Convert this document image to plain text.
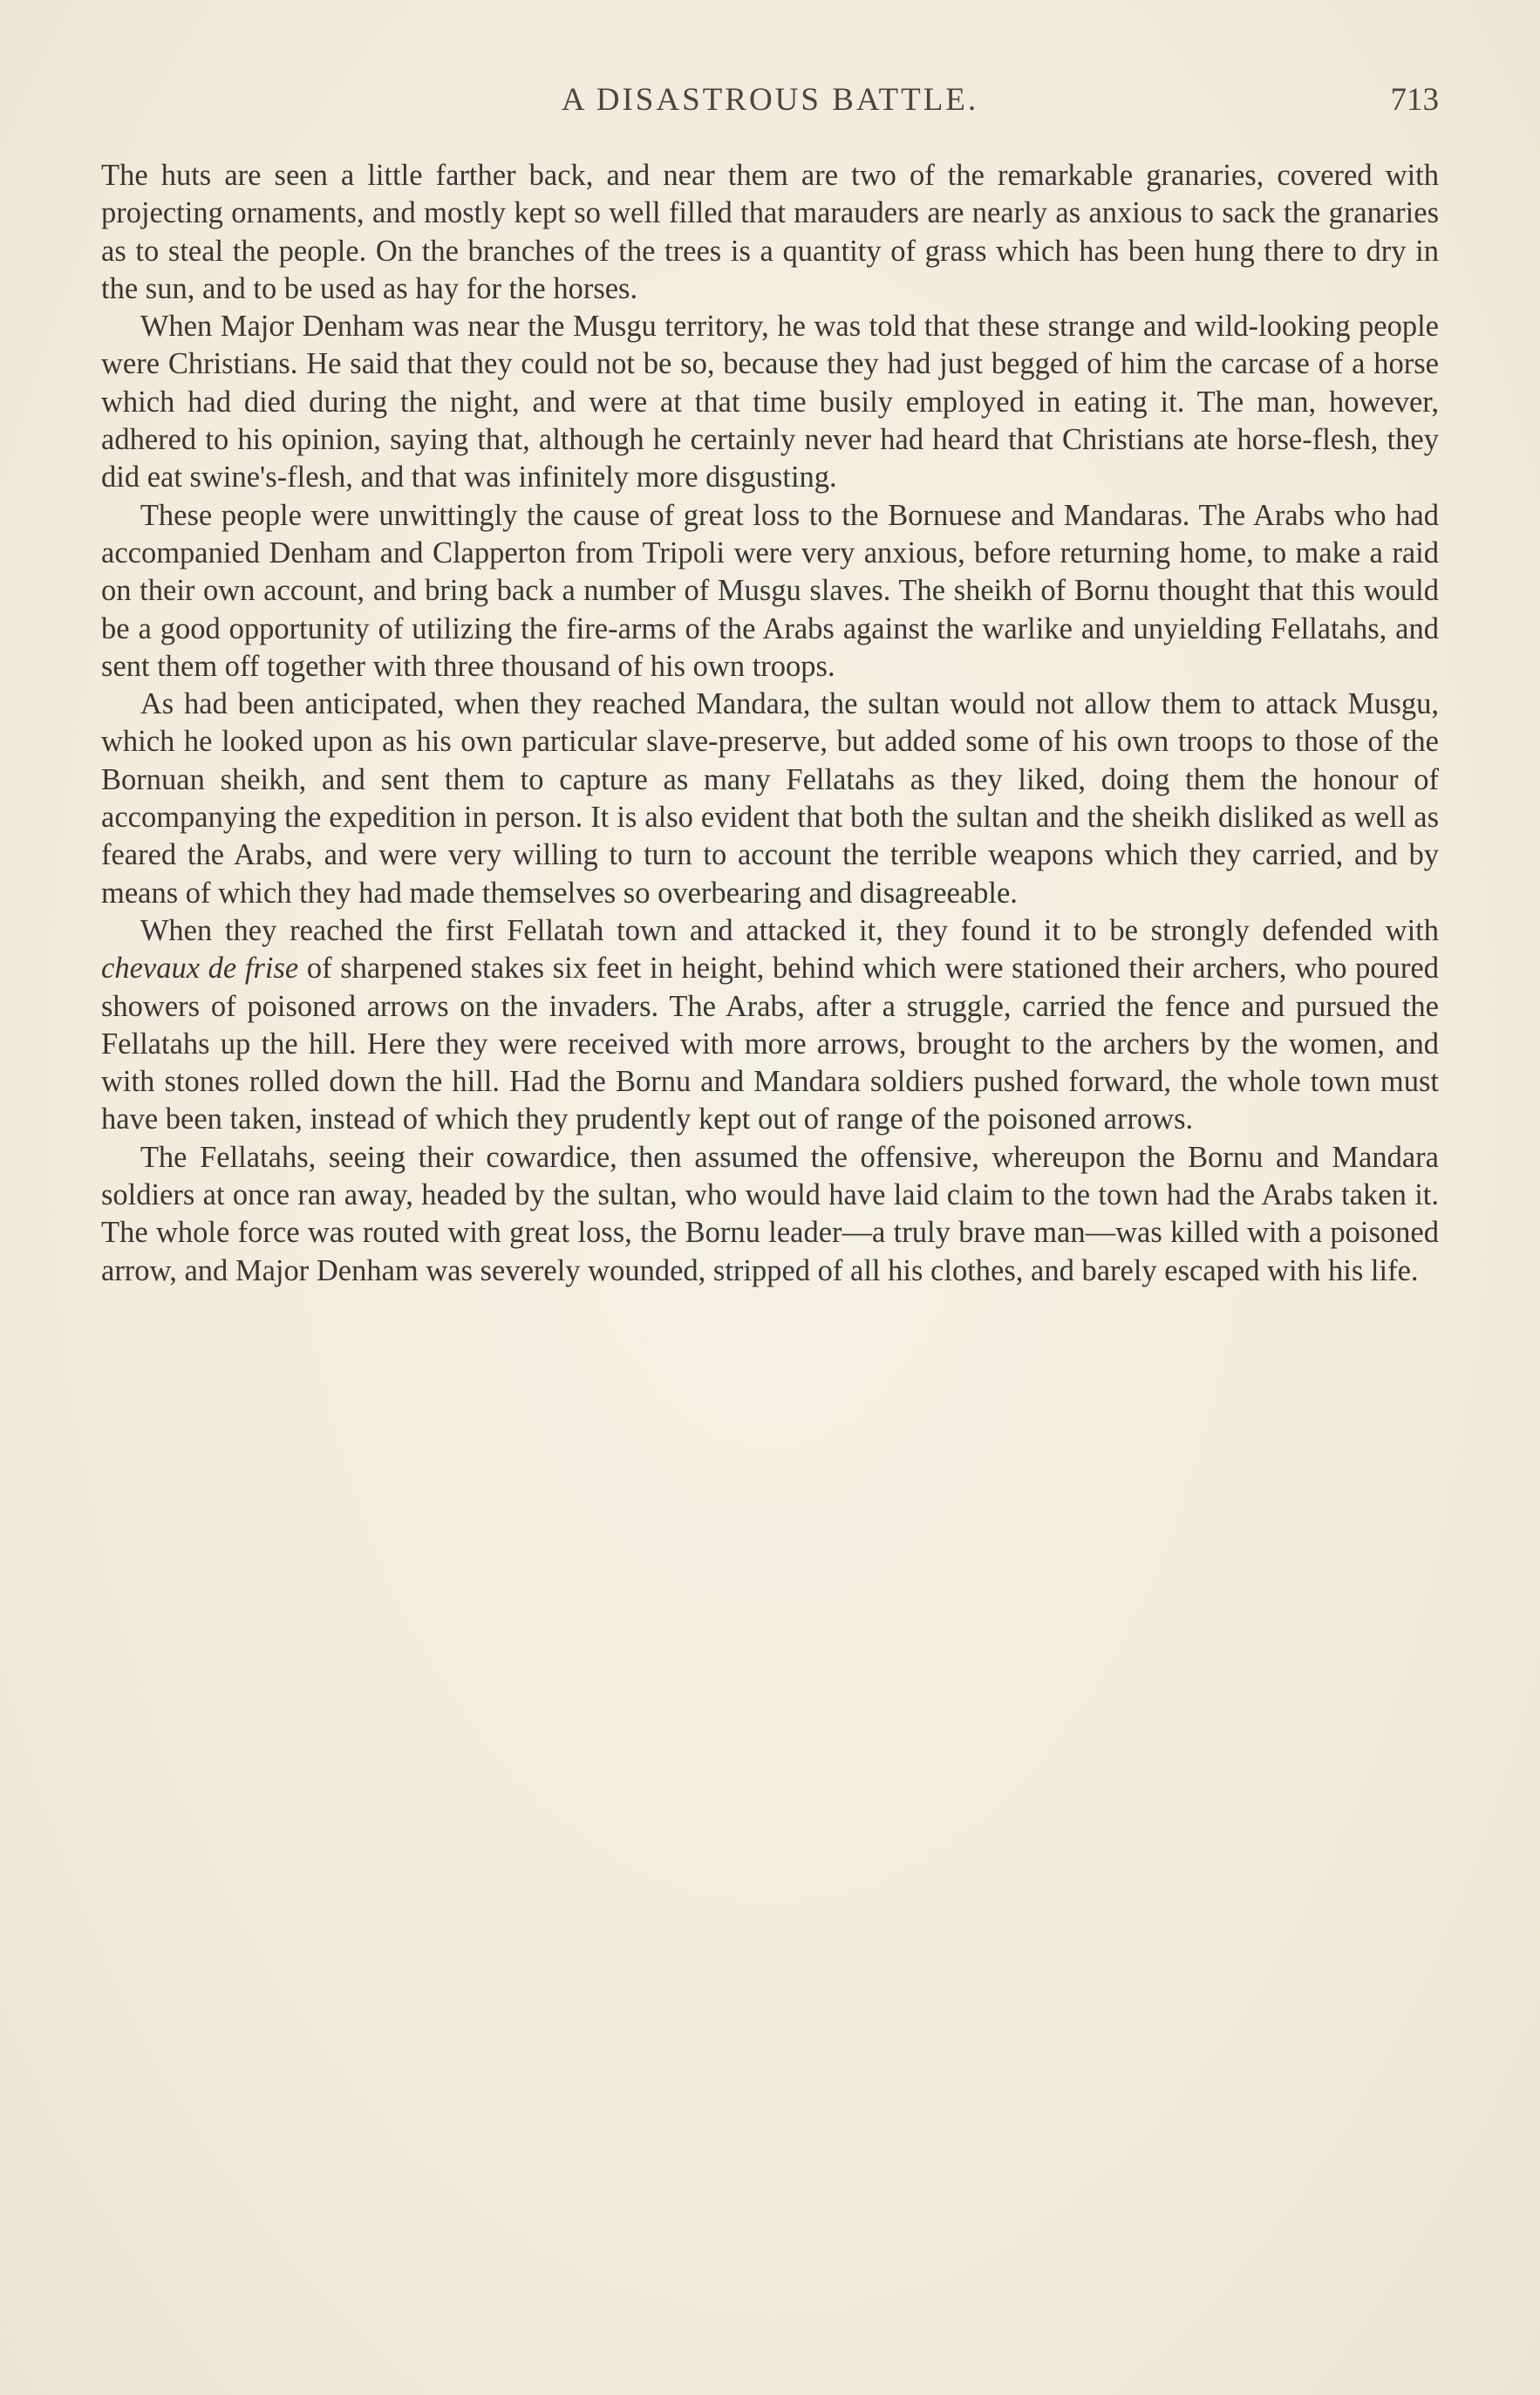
A DISASTROUS BATTLE.	713

The huts are seen a little farther back, and near them are two of the remarkable granaries, covered with projecting ornaments, and mostly kept so well filled that marauders are nearly as anxious to sack the granaries as to steal the people. On the branches of the trees is a quantity of grass which has been hung there to dry in the sun, and to be used as hay for the horses.

When Major Denham was near the Musgu territory, he was told that these strange and wild-looking people were Christians. He said that they could not be so, because they had just begged of him the carcase of a horse which had died during the night, and were at that time busily employed in eating it. The man, however, adhered to his opinion, saying that, although he certainly never had heard that Christians ate horse-flesh, they did eat swine's-flesh, and that was infinitely more disgusting.

These people were unwittingly the cause of great loss to the Bornuese and Mandaras. The Arabs who had accompanied Denham and Clapperton from Tripoli were very anxious, before returning home, to make a raid on their own account, and bring back a number of Musgu slaves. The sheikh of Bornu thought that this would be a good opportunity of utilizing the fire-arms of the Arabs against the warlike and unyielding Fellatahs, and sent them off together with three thousand of his own troops.

As had been anticipated, when they reached Mandara, the sultan would not allow them to attack Musgu, which he looked upon as his own particular slave-preserve, but added some of his own troops to those of the Bornuan sheikh, and sent them to capture as many Fellatahs as they liked, doing them the honour of accompanying the expedition in person. It is also evident that both the sultan and the sheikh disliked as well as feared the Arabs, and were very willing to turn to account the terrible weapons which they carried, and by means of which they had made themselves so overbearing and disagreeable.

When they reached the first Fellatah town and attacked it, they found it to be strongly defended with chevaux de frise of sharpened stakes six feet in height, behind which were stationed their archers, who poured showers of poisoned arrows on the invaders. The Arabs, after a struggle, carried the fence and pursued the Fellatahs up the hill. Here they were received with more arrows, brought to the archers by the women, and with stones rolled down the hill. Had the Bornu and Mandara soldiers pushed forward, the whole town must have been taken, instead of which they prudently kept out of range of the poisoned arrows.

The Fellatahs, seeing their cowardice, then assumed the offensive, whereupon the Bornu and Mandara soldiers at once ran away, headed by the sultan, who would have laid claim to the town had the Arabs taken it. The whole force was routed with great loss, the Bornu leader—a truly brave man—was killed with a poisoned arrow, and Major Denham was severely wounded, stripped of all his clothes, and barely escaped with his life.
